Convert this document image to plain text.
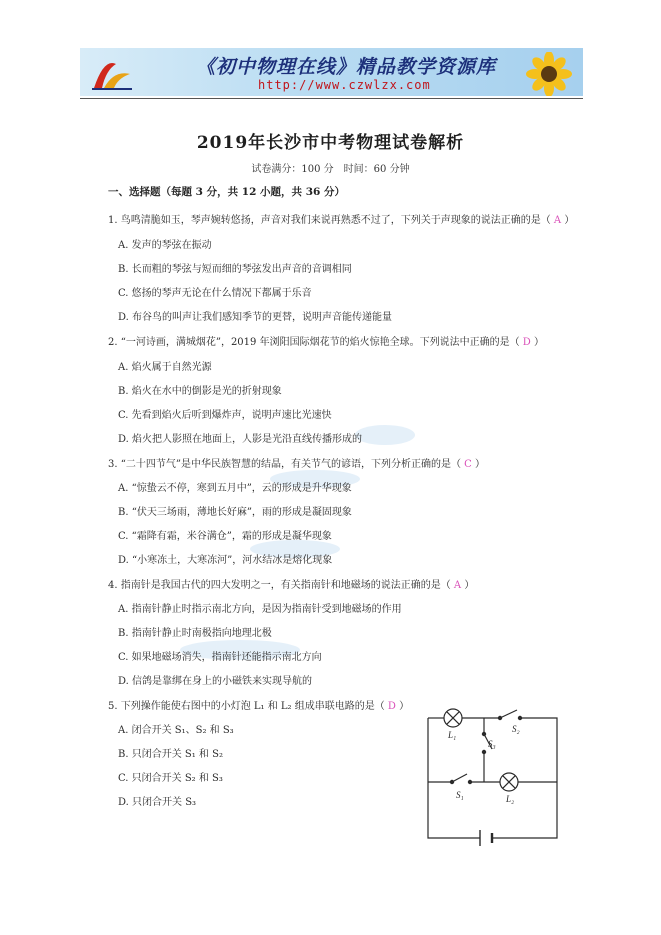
《初中物理在线》精品教学资源库
http://www.czwlzx.com
2019年长沙市中考物理试卷解析
试卷满分：100 分　时间：60 分钟
一、选择题（每题 3 分，共 12 小题，共 36 分）
1. 鸟鸣清脆如玉，琴声婉转悠扬，声音对我们来说再熟悉不过了，下列关于声现象的说法正确的是（ A ）
A. 发声的琴弦在振动
B. 长而粗的琴弦与短而细的琴弦发出声音的音调相同
C. 悠扬的琴声无论在什么情况下都属于乐音
D. 布谷鸟的叫声让我们感知季节的更替，说明声音能传递能量
2. “一河诗画，满城烟花”，2019 年浏阳国际烟花节的焰火惊艳全球。下列说法中正确的是（ D ）
A. 焰火属于自然光源
B. 焰火在水中的倒影是光的折射现象
C. 先看到焰火后听到爆炸声，说明声速比光速快
D. 焰火把人影照在地面上，人影是光沿直线传播形成的
3. “二十四节气”是中华民族智慧的结晶，有关节气的谚语，下列分析正确的是（ C ）
A. “惊蛰云不停，寒到五月中”，云的形成是升华现象
B. “伏天三场雨，薄地长好麻”，雨的形成是凝固现象
C. “霜降有霜，米谷满仓”，霜的形成是凝华现象
D. “小寒冻土，大寒冻河”，河水结冰是熔化现象
4. 指南针是我国古代的四大发明之一，有关指南针和地磁场的说法正确的是（ A ）
A. 指南针静止时指示南北方向，是因为指南针受到地磁场的作用
B. 指南针静止时南极指向地理北极
C. 如果地磁场消失，指南针还能指示南北方向
D. 信鸽是靠绑在身上的小磁铁来实现导航的
5. 下列操作能使右图中的小灯泡 L₁ 和 L₂ 组成串联电路的是（ D ）
A. 闭合开关 S₁、S₂ 和 S₃
B. 只闭合开关 S₁ 和 S₂
C. 只闭合开关 S₂ 和 S₃
D. 只闭合开关 S₃
L₁
S₂
S₃
S₁	L₂
